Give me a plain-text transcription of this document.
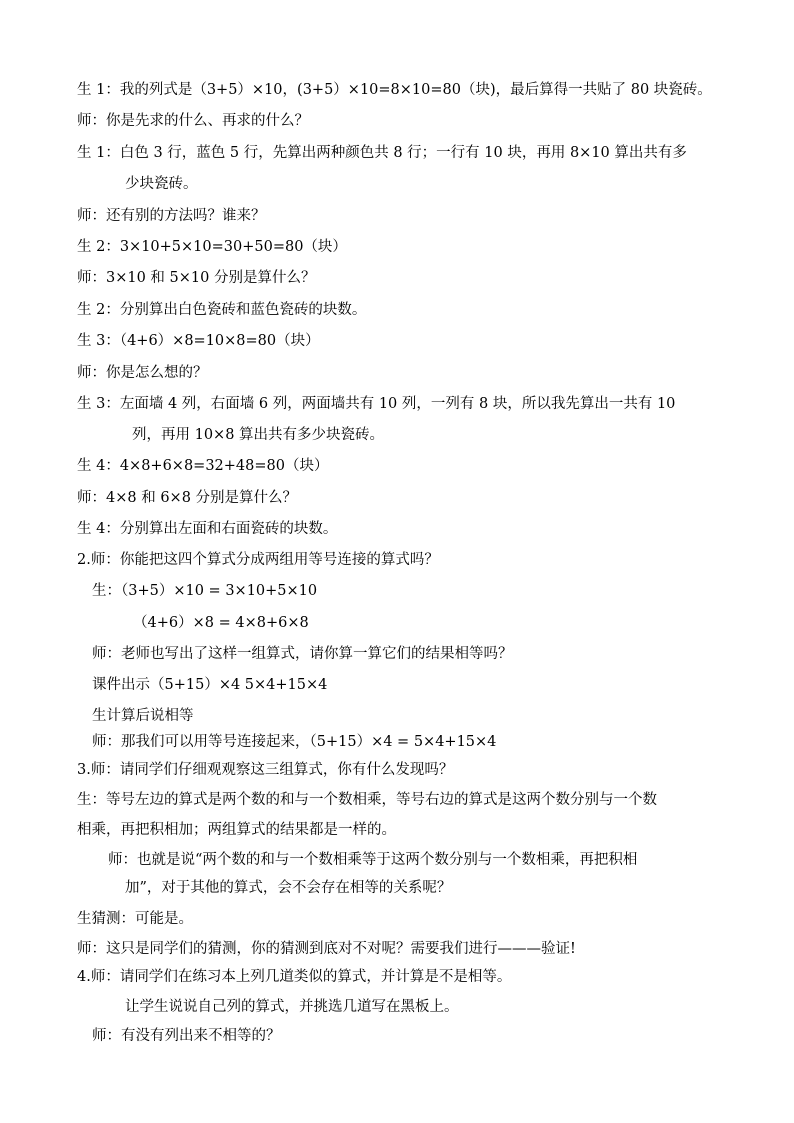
生 1：我的列式是（3+5）×10，(3+5）×10=8×10=80（块)，最后算得一共贴了 80 块瓷砖。
师：你是先求的什么、再求的什么？
生 1：白色 3 行，蓝色 5 行，先算出两种颜色共 8 行；一行有 10 块，再用 8×10 算出共有多
少块瓷砖。
师：还有别的方法吗？谁来？
生 2：3×10+5×10=30+50=80（块）
师：3×10 和 5×10 分别是算什么？
生 2：分别算出白色瓷砖和蓝色瓷砖的块数。
生 3：（4+6）×8=10×8=80（块）
师：你是怎么想的？
生 3：左面墙 4 列，右面墙 6 列，两面墙共有 10 列，一列有 8 块，所以我先算出一共有 10
列，再用 10×8 算出共有多少块瓷砖。
生 4：4×8+6×8=32+48=80（块）
师：4×8 和 6×8 分别是算什么？
生 4：分别算出左面和右面瓷砖的块数。
2.师：你能把这四个算式分成两组用等号连接的算式吗？
生：（3+5）×10 = 3×10+5×10
（4+6）×8 = 4×8+6×8
师：老师也写出了这样一组算式，请你算一算它们的结果相等吗？
课件出示（5+15）×4 5×4+15×4
生计算后说相等
师：那我们可以用等号连接起来，（5+15）×4 = 5×4+15×4
3.师：请同学们仔细观观察这三组算式，你有什么发现吗？
生：等号左边的算式是两个数的和与一个数相乘，等号右边的算式是这两个数分别与一个数
相乘，再把积相加；两组算式的结果都是一样的。
师：也就是说“两个数的和与一个数相乘等于这两个数分别与一个数相乘，再把积相
加”，对于其他的算式，会不会存在相等的关系呢？
生猜测：可能是。
师：这只是同学们的猜测，你的猜测到底对不对呢？需要我们进行———验证!
4.师：请同学们在练习本上列几道类似的算式，并计算是不是相等。
让学生说说自己列的算式，并挑选几道写在黑板上。
师：有没有列出来不相等的？
